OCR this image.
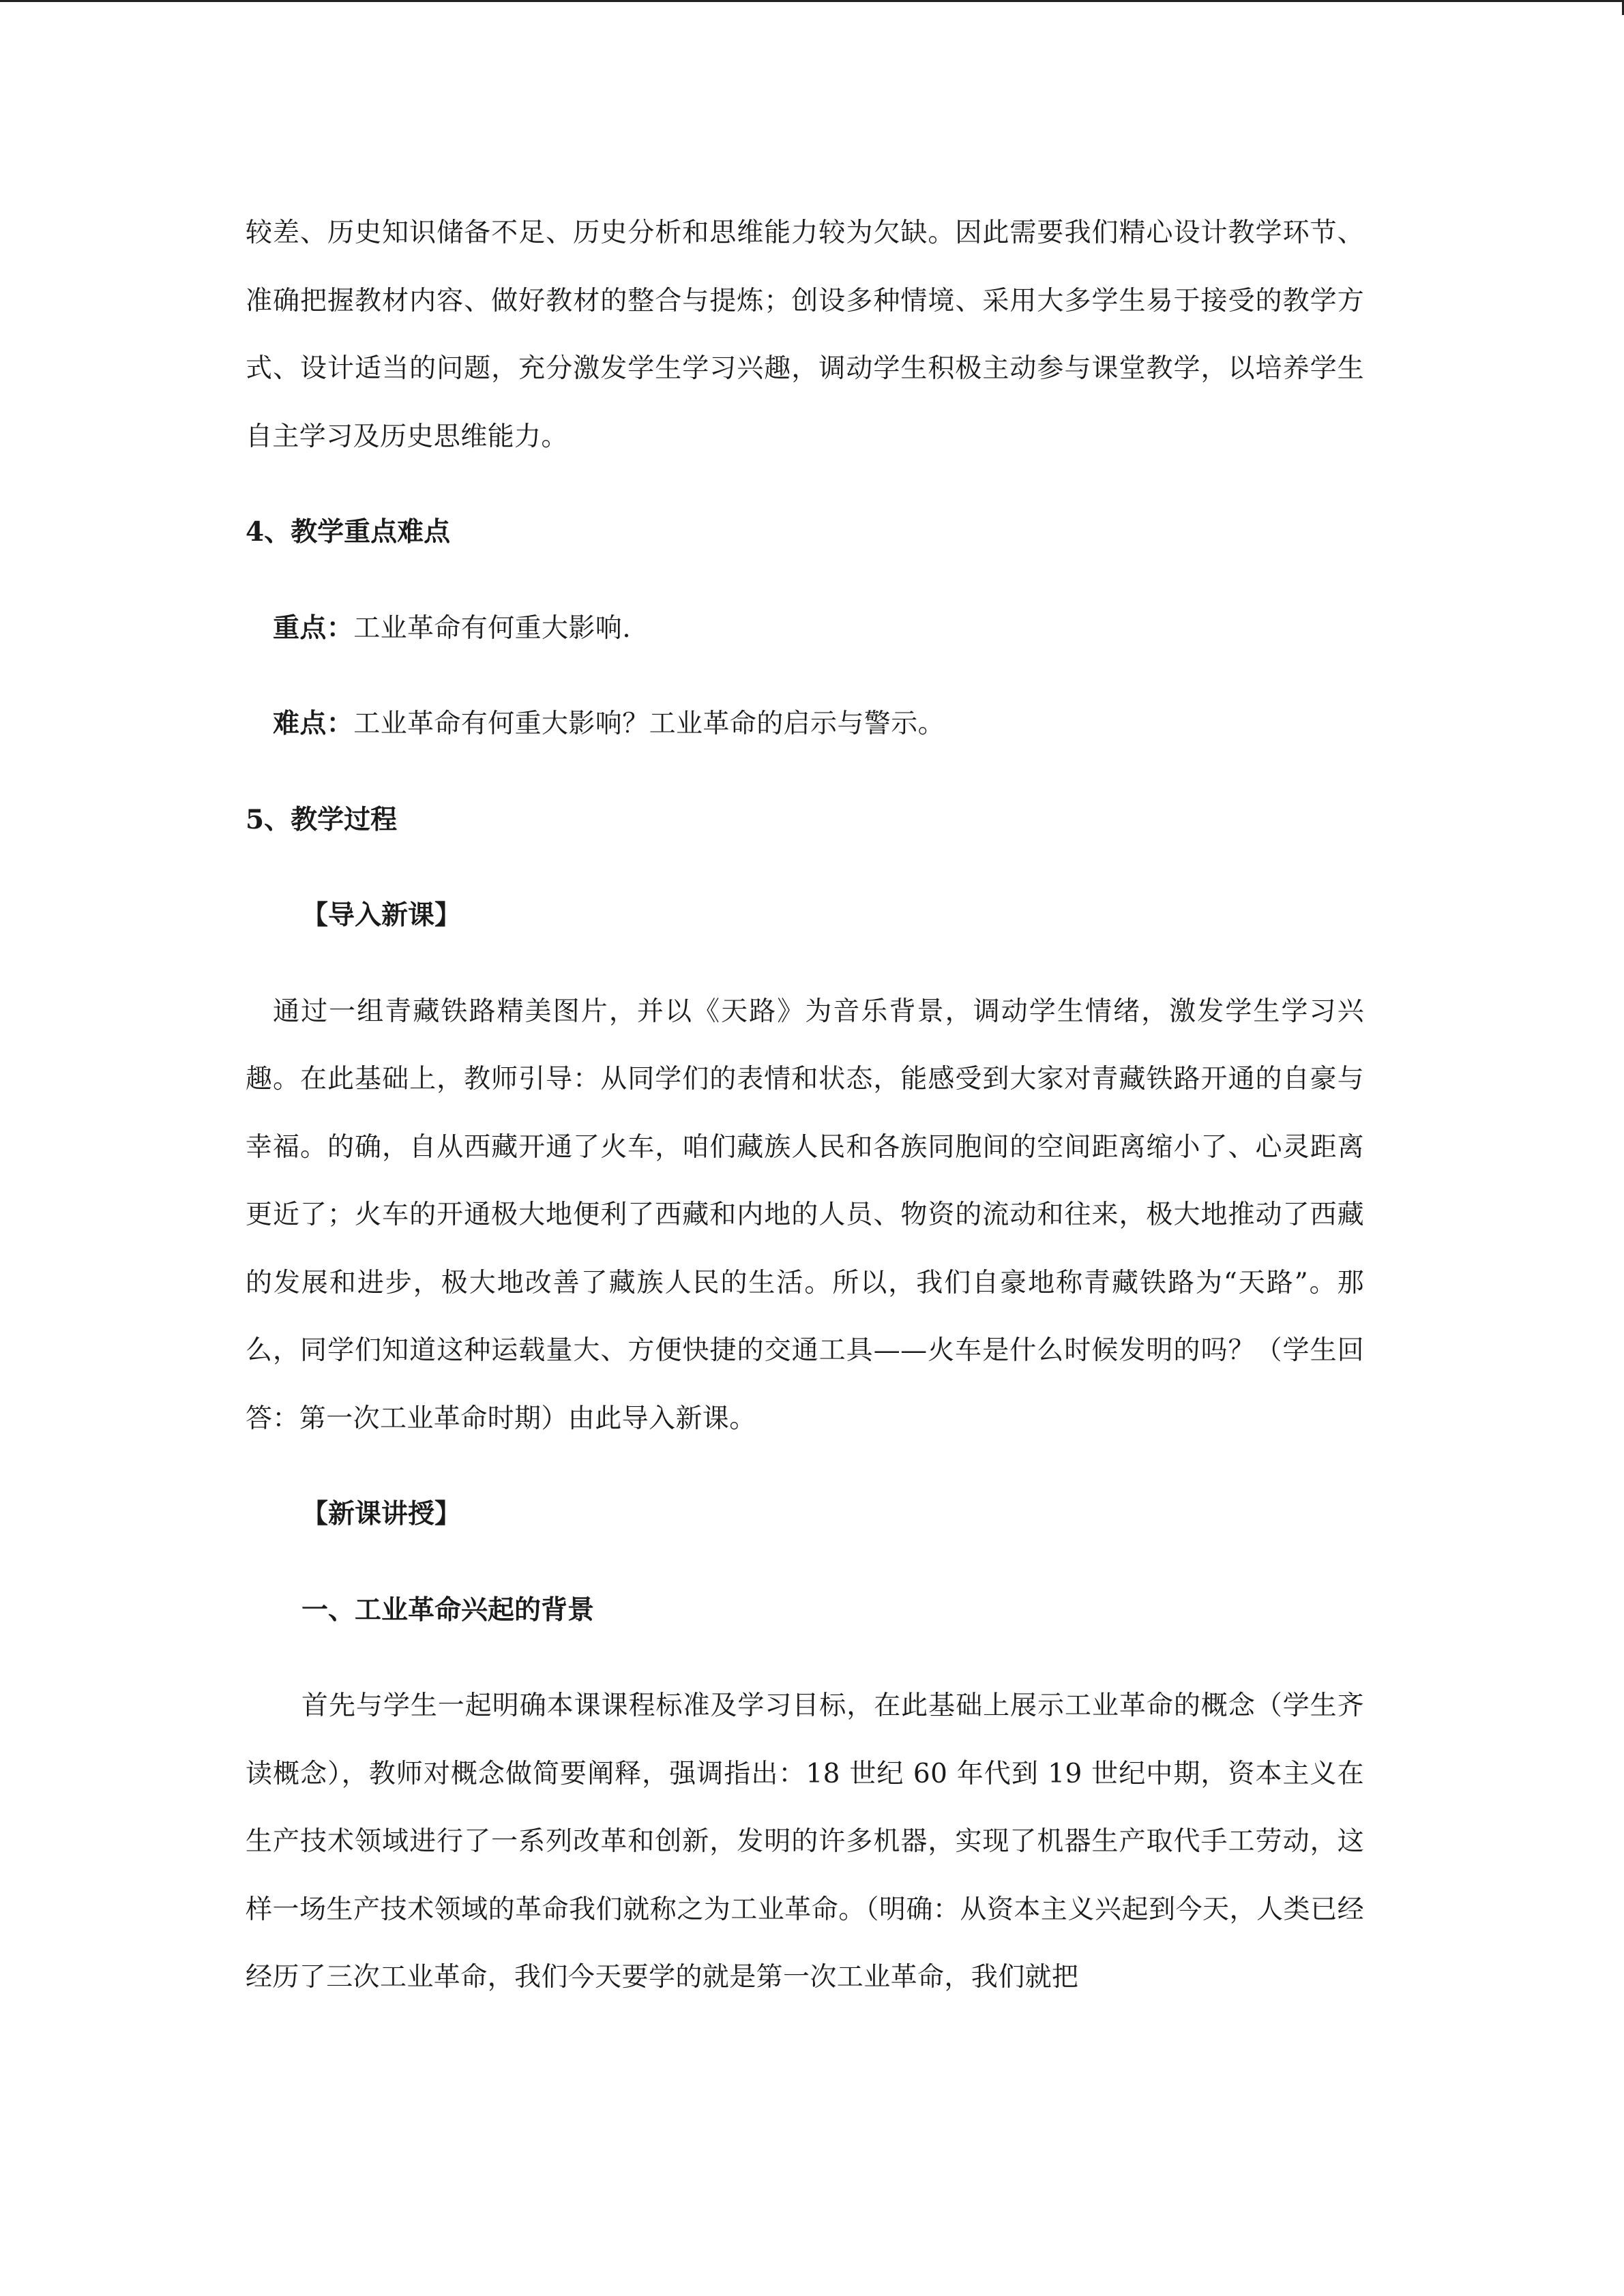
较差、历史知识储备不足、历史分析和思维能力较为欠缺。因此需要我们精心设计教学环节、准确把握教材内容、做好教材的整合与提炼；创设多种情境、采用大多学生易于接受的教学方式、设计适当的问题，充分激发学生学习兴趣，调动学生积极主动参与课堂教学，以培养学生自主学习及历史思维能力。

4、教学重点难点

重点：工业革命有何重大影响.

难点：工业革命有何重大影响？工业革命的启示与警示。

5、教学过程
【导入新课】

通过一组青藏铁路精美图片，并以《天路》为音乐背景，调动学生情绪，激发学生学习兴趣。在此基础上，教师引导：从同学们的表情和状态，能感受到大家对青藏铁路开通的自豪与幸福。的确，自从西藏开通了火车，咱们藏族人民和各族同胞间的空间距离缩小了、心灵距离更近了；火车的开通极大地便利了西藏和内地的人员、物资的流动和往来，极大地推动了西藏的发展和进步，极大地改善了藏族人民的生活。所以，我们自豪地称青藏铁路为“天路”。那么，同学们知道这种运载量大、方便快捷的交通工具——火车是什么时候发明的吗？（学生回答：第一次工业革命时期）由此导入新课。

【新课讲授】
一、工业革命兴起的背景

首先与学生一起明确本课课程标准及学习目标，在此基础上展示工业革命的概念（学生齐读概念），教师对概念做简要阐释，强调指出：18 世纪 60 年代到 19 世纪中期，资本主义在生产技术领域进行了一系列改革和创新，发明的许多机器，实现了机器生产取代手工劳动，这样一场生产技术领域的革命我们就称之为工业革命。（明确：从资本主义兴起到今天，人类已经经历了三次工业革命，我们今天要学的就是第一次工业革命，我们就把
